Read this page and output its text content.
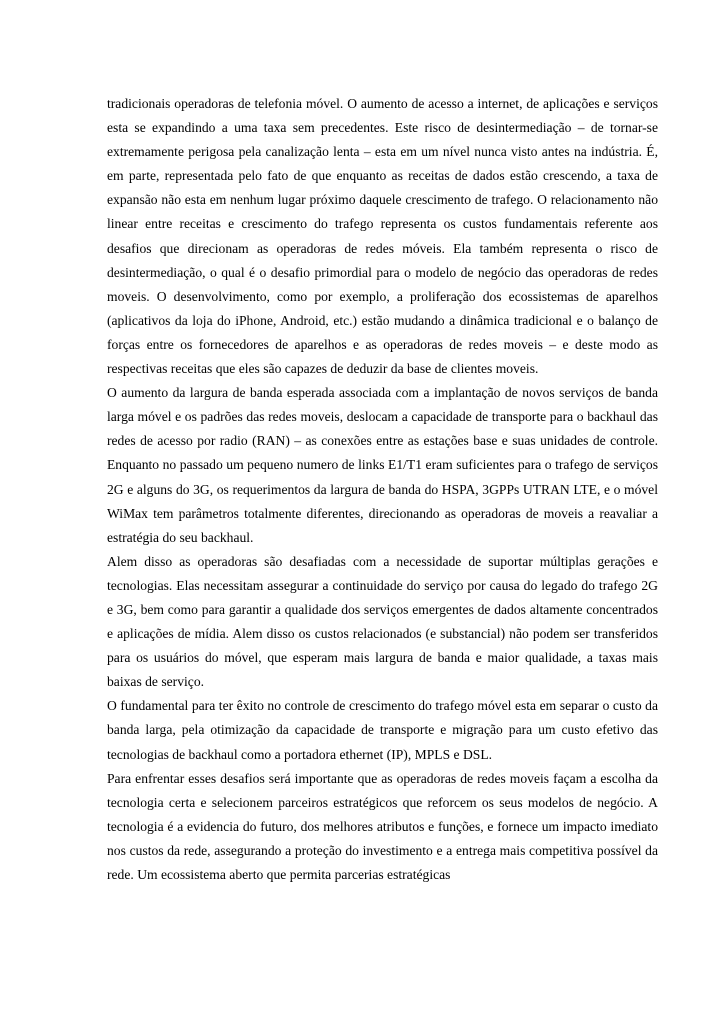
tradicionais operadoras de telefonia móvel. O aumento de acesso a internet, de aplicações e serviços esta se expandindo a uma taxa sem precedentes. Este risco de desintermediação – de tornar-se extremamente perigosa pela canalização lenta – esta em um nível nunca visto antes na indústria. É, em parte, representada pelo fato de que enquanto as receitas de dados estão crescendo, a taxa de expansão não esta em nenhum lugar próximo daquele crescimento de trafego. O relacionamento não linear entre receitas e crescimento do trafego representa os custos fundamentais referente aos desafios que direcionam as operadoras de redes móveis. Ela também representa o risco de desintermediação, o qual é o desafio primordial para o modelo de negócio das operadoras de redes moveis. O desenvolvimento, como por exemplo, a proliferação dos ecossistemas de aparelhos (aplicativos da loja do iPhone, Android, etc.) estão mudando a dinâmica tradicional e o balanço de forças entre os fornecedores de aparelhos e as operadoras de redes moveis – e deste modo as respectivas receitas que eles são capazes de deduzir da base de clientes moveis.

O aumento da largura de banda esperada associada com a implantação de novos serviços de banda larga móvel e os padrões das redes moveis, deslocam a capacidade de transporte para o backhaul das redes de acesso por radio (RAN) – as conexões entre as estações base e suas unidades de controle. Enquanto no passado um pequeno numero de links E1/T1 eram suficientes para o trafego de serviços 2G e alguns do 3G, os requerimentos da largura de banda do HSPA, 3GPPs UTRAN LTE, e o móvel WiMax tem parâmetros totalmente diferentes, direcionando as operadoras de moveis a reavaliar a estratégia do seu backhaul.

Alem disso as operadoras são desafiadas com a necessidade de suportar múltiplas gerações e tecnologias. Elas necessitam assegurar a continuidade do serviço por causa do legado do trafego 2G e 3G, bem como para garantir a qualidade dos serviços emergentes de dados altamente concentrados e aplicações de mídia. Alem disso os custos relacionados (e substancial) não podem ser transferidos para os usuários do móvel, que esperam mais largura de banda e maior qualidade, a taxas mais baixas de serviço.

O fundamental para ter êxito no controle de crescimento do trafego móvel esta em separar o custo da banda larga, pela otimização da capacidade de transporte e migração para um custo efetivo das tecnologias de backhaul como a portadora ethernet (IP), MPLS e DSL.

Para enfrentar esses desafios será importante que as operadoras de redes moveis façam a escolha da tecnologia certa e selecionem parceiros estratégicos que reforcem os seus modelos de negócio. A tecnologia é a evidencia do futuro, dos melhores atributos e funções, e fornece um impacto imediato nos custos da rede, assegurando a proteção do investimento e a entrega mais competitiva possível da rede. Um ecossistema aberto que permita parcerias estratégicas
